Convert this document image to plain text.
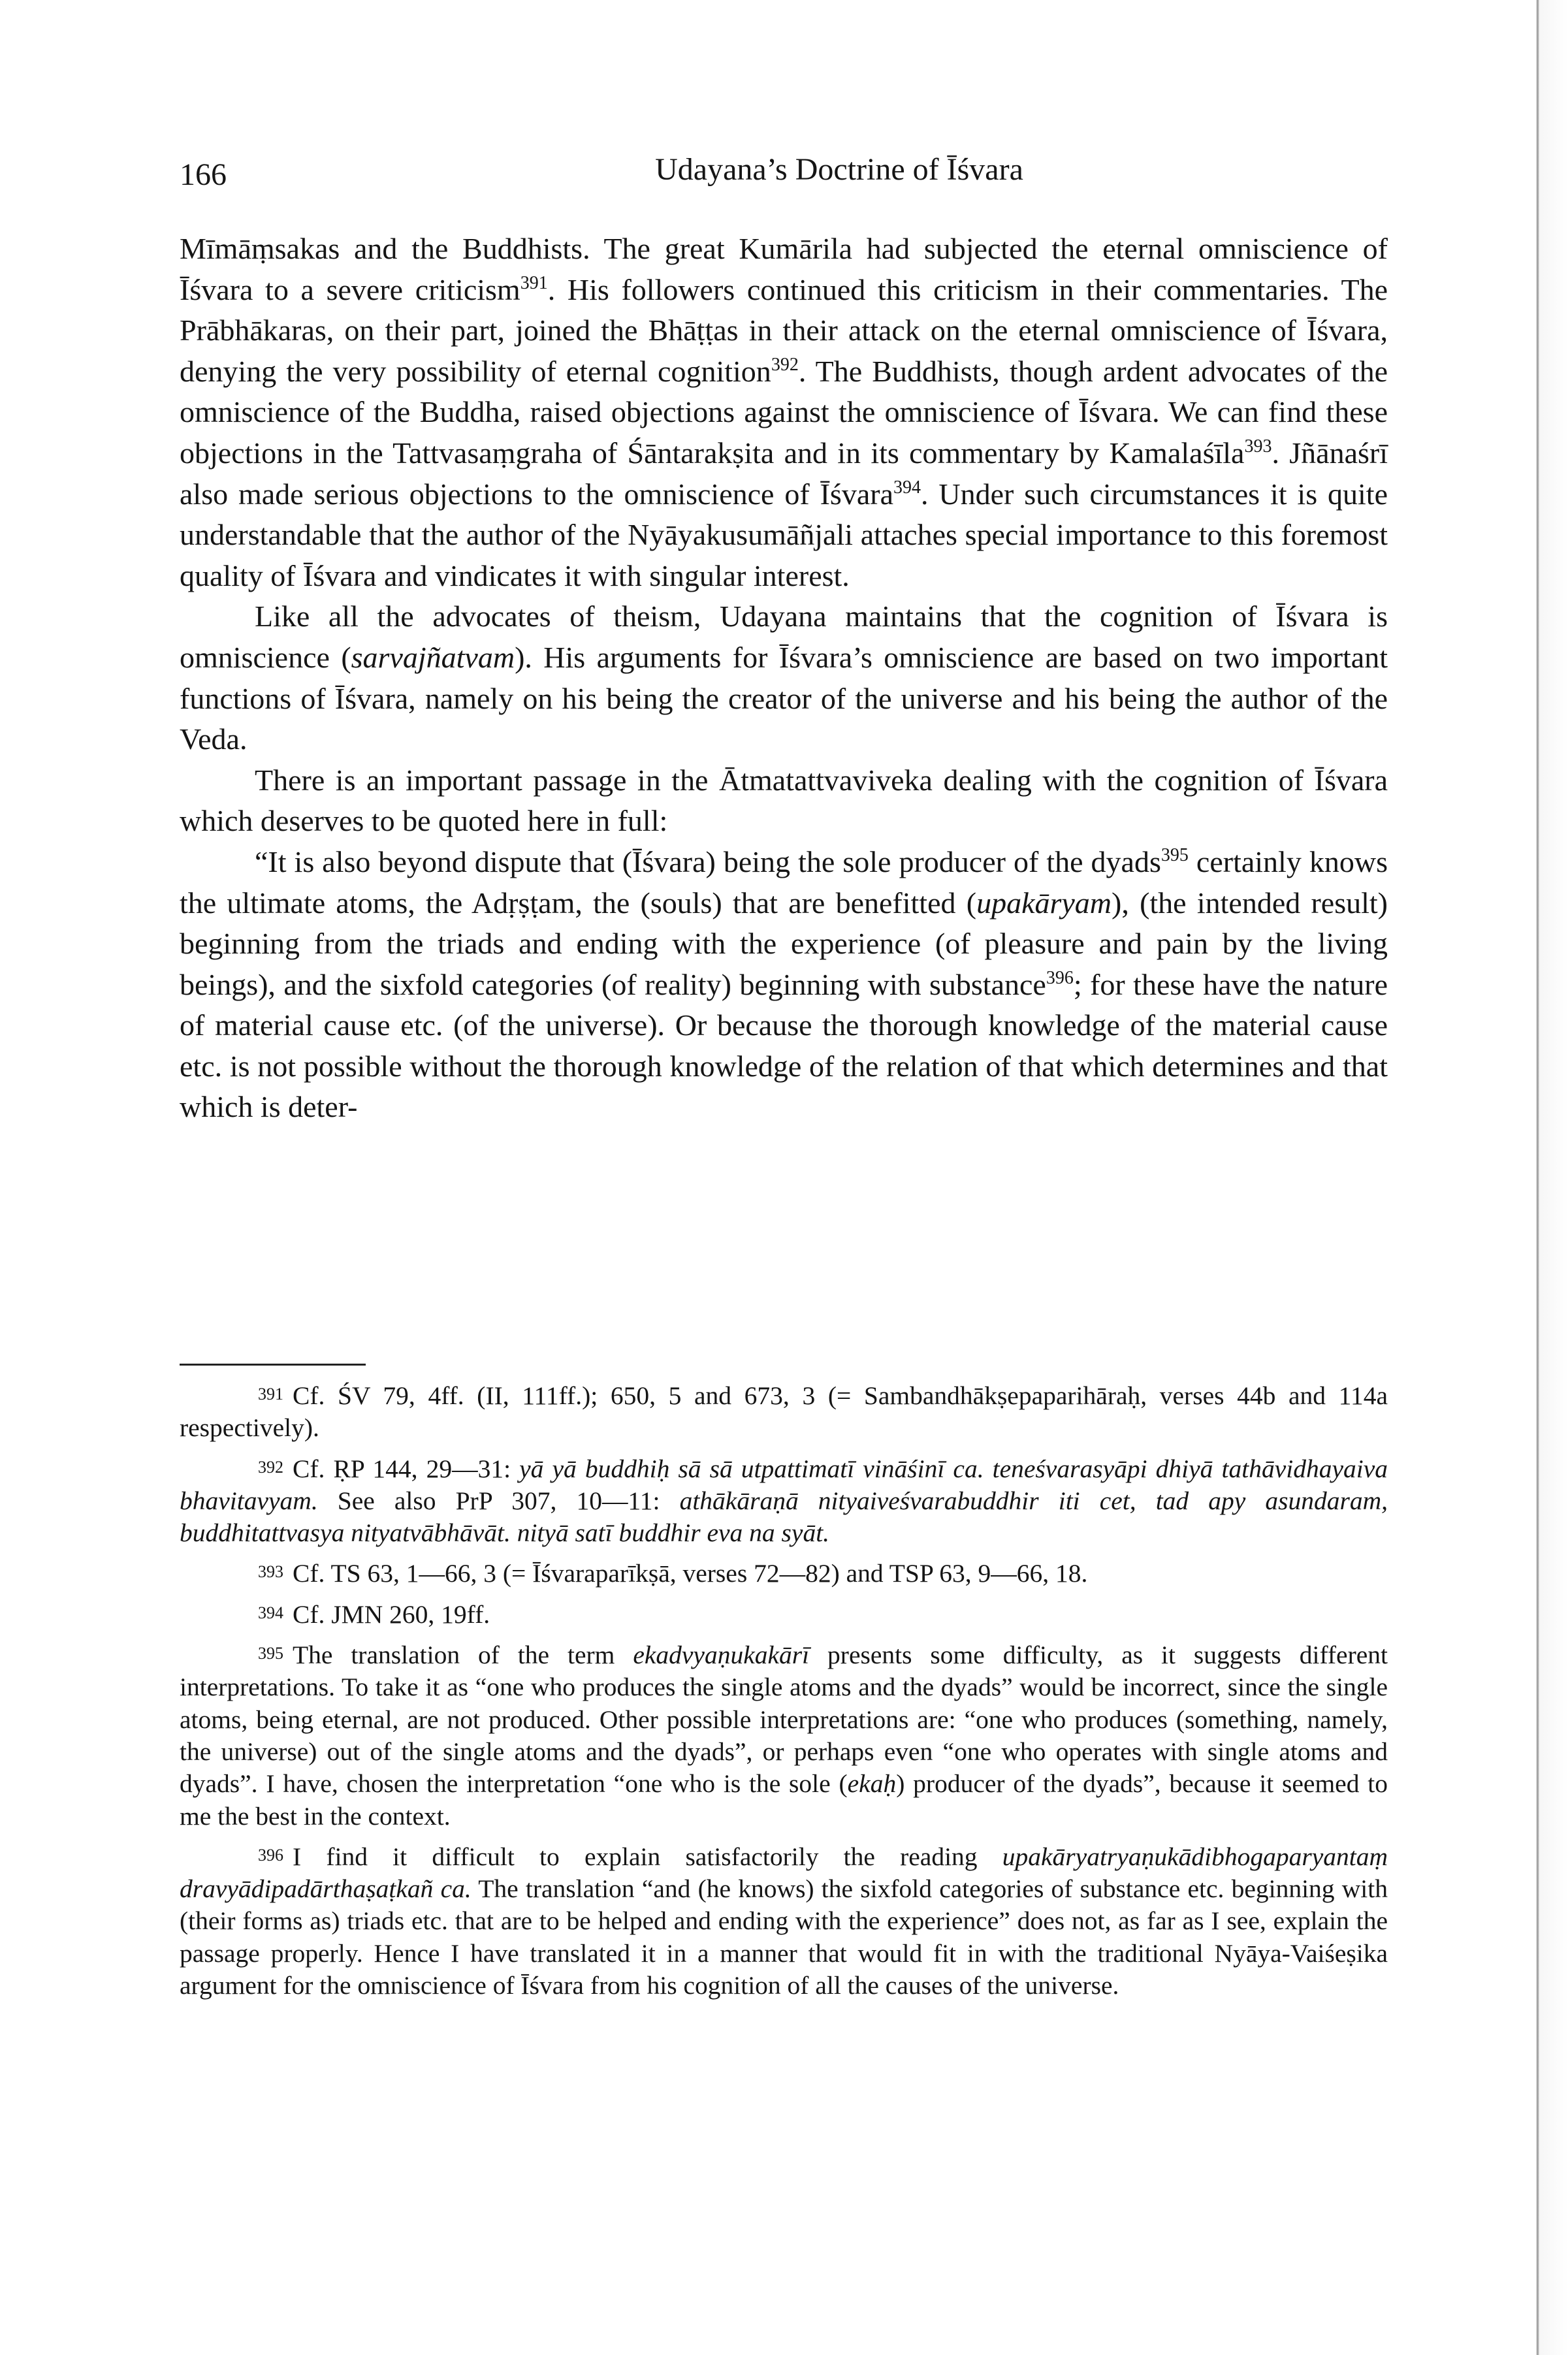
166	Udayana’s Doctrine of Īśvara

Mīmāṃsakas and the Buddhists. The great Kumārila had subjected the eternal omniscience of Īśvara to a severe criticism$^{391}$. His followers continued this criticism in their commentaries. The Prābhākaras, on their part, joined the Bhāṭṭas in their attack on the eternal omniscience of Īśvara, denying the very possibility of eternal cognition$^{392}$. The Buddhists, though ardent advocates of the omniscience of the Buddha, raised objections against the omniscience of Īśvara. We can find these objections in the Tattvasaṃgraha of Śāntarakṣita and in its commentary by Kamalaśīla$^{393}$. Jñānaśrī also made serious objections to the omniscience of Īśvara$^{394}$. Under such circumstances it is quite understandable that the author of the Nyāyakusumāñjali attaches special importance to this foremost quality of Īśvara and vindicates it with singular interest.

Like all the advocates of theism, Udayana maintains that the cognition of Īśvara is omniscience (sarvajñatvam). His arguments for Īśvara’s omniscience are based on two important functions of Īśvara, namely on his being the creator of the universe and his being the author of the Veda.

There is an important passage in the Ātmatattvaviveka dealing with the cognition of Īśvara which deserves to be quoted here in full:

“It is also beyond dispute that (Īśvara) being the sole producer of the dyads$^{395}$ certainly knows the ultimate atoms, the Adṛṣṭam, the (souls) that are benefitted (upakāryam), (the intended result) beginning from the triads and ending with the experience (of pleasure and pain by the living beings), and the sixfold categories (of reality) beginning with substance$^{396}$; for these have the nature of material cause etc. (of the universe). Or because the thorough knowledge of the material cause etc. is not possible without the thorough knowledge of the relation of that which determines and that which is deter-

391 Cf. ŚV 79, 4ff. (II, 111ff.); 650, 5 and 673, 3 (= Sambandhākṣepaparihāraḥ, verses 44b and 114a respectively).

392 Cf. ṚP 144, 29—31: yā yā buddhiḥ sā sā utpattimatī vināśinī ca. teneśvarasyāpi dhiyā tathāvidhayaiva bhavitavyam. See also PrP 307, 10—11: athākāraṇā nityaiveśvarabuddhir iti cet, tad apy asundaram, buddhitattvasya nityatvābhāvāt. nityā satī buddhir eva na syāt.

393 Cf. TS 63, 1—66, 3 (= Īśvaraparīkṣā, verses 72—82) and TSP 63, 9—66, 18.

394 Cf. JMN 260, 19ff.

395 The translation of the term ekadvyaṇukakārī presents some difficulty, as it suggests different interpretations. To take it as “one who produces the single atoms and the dyads” would be incorrect, since the single atoms, being eternal, are not produced. Other possible interpretations are: “one who produces (something, namely, the universe) out of the single atoms and the dyads”, or perhaps even “one who operates with single atoms and dyads”. I have, chosen the interpretation “one who is the sole (ekaḥ) producer of the dyads”, because it seemed to me the best in the context.

396 I find it difficult to explain satisfactorily the reading upakāryatryaṇukādibhogaparyantaṃ dravyādipadārthaṣaṭkañ ca. The translation “and (he knows) the sixfold categories of substance etc. beginning with (their forms as) triads etc. that are to be helped and ending with the experience” does not, as far as I see, explain the passage properly. Hence I have translated it in a manner that would fit in with the traditional Nyāya-Vaiśeṣika argument for the omniscience of Īśvara from his cognition of all the causes of the universe.
